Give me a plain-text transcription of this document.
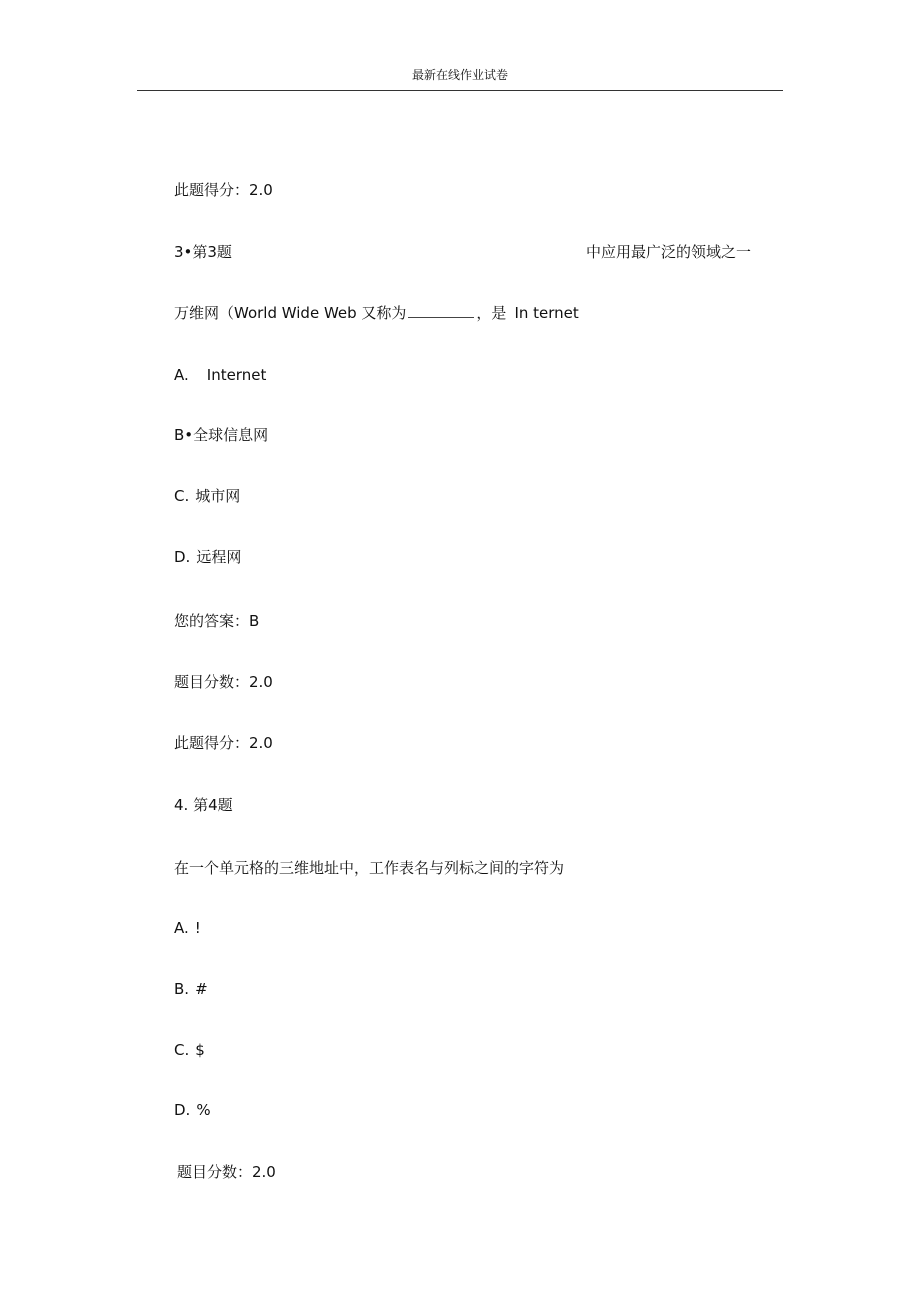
最新在线作业试卷
此题得分：2.0
3•第3题	中应用最广泛的领域之一
万维网（World Wide Web 又称为	，是 In ternet
A. Internet
B•全球信息网
C. 城市网
D. 远程网
您的答案：B
题目分数：2.0
此题得分：2.0
4. 第4题
在一个单元格的三维地址中，工作表名与列标之间的字符为
A. !
B. #
C. $
D. %
题目分数：2.0
